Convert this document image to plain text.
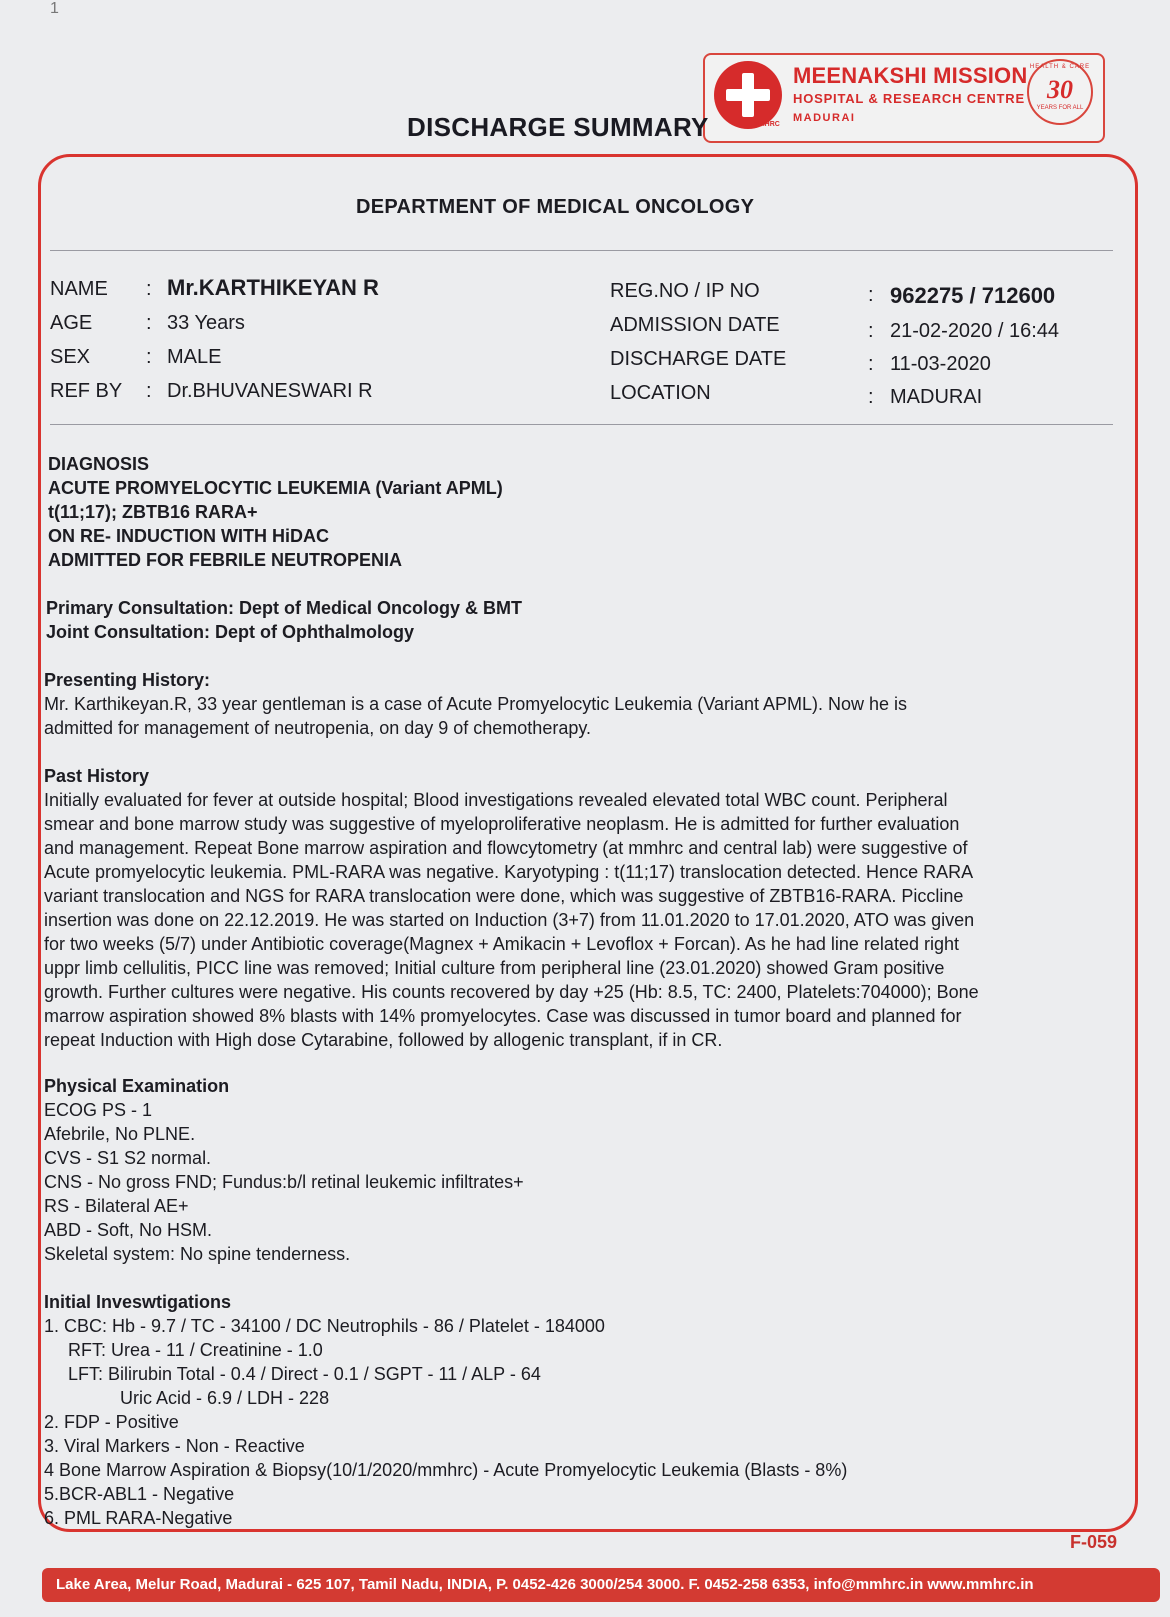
1
MMHRC
MEENAKSHI MISSION
HOSPITAL & RESEARCH CENTRE
MADURAI
HEALTH & CARE
30
YEARS FOR ALL
DISCHARGE SUMMARY
DEPARTMENT OF MEDICAL ONCOLOGY
NAME : Mr.KARTHIKEYAN R
AGE	: 33 Years
SEX	: MALE
REF BY : Dr.BHUVANESWARI R
REG.NO / IP NO	: 962275 / 712600
ADMISSION DATE	: 21-02-2020 / 16:44
DISCHARGE DATE	: 11-03-2020
LOCATION	: MADURAI
DIAGNOSIS
ACUTE PROMYELOCYTIC LEUKEMIA (Variant APML)
t(11;17); ZBTB16 RARA+
ON RE- INDUCTION WITH HiDAC
ADMITTED FOR FEBRILE NEUTROPENIA
Primary Consultation: Dept of Medical Oncology & BMT
Joint Consultation: Dept of Ophthalmology
Presenting History:
Mr. Karthikeyan.R, 33 year gentleman is a case of Acute Promyelocytic Leukemia (Variant APML). Now he is
admitted for management of neutropenia, on day 9 of chemotherapy.
Past History
Initially evaluated for fever at outside hospital; Blood investigations revealed elevated total WBC count. Peripheral
smear and bone marrow study was suggestive of myeloproliferative neoplasm. He is admitted for further evaluation
and management. Repeat Bone marrow aspiration and flowcytometry (at mmhrc and central lab) were suggestive of
Acute promyelocytic leukemia. PML-RARA was negative. Karyotyping : t(11;17) translocation detected. Hence RARA
variant translocation and NGS for RARA translocation were done, which was suggestive of ZBTB16-RARA. Piccline
insertion was done on 22.12.2019. He was started on Induction (3+7) from 11.01.2020 to 17.01.2020, ATO was given
for two weeks (5/7) under Antibiotic coverage(Magnex + Amikacin + Levoflox + Forcan). As he had line related right
uppr limb cellulitis, PICC line was removed; Initial culture from peripheral line (23.01.2020) showed Gram positive
growth. Further cultures were negative. His counts recovered by day +25 (Hb: 8.5, TC: 2400, Platelets:704000); Bone
marrow aspiration showed 8% blasts with 14% promyelocytes. Case was discussed in tumor board and planned for
repeat Induction with High dose Cytarabine, followed by allogenic transplant, if in CR.
Physical Examination
ECOG PS - 1
Afebrile, No PLNE.
CVS - S1 S2 normal.
CNS - No gross FND; Fundus:b/l retinal leukemic infiltrates+
RS - Bilateral AE+
ABD - Soft, No HSM.
Skeletal system: No spine tenderness.
Initial Inveswtigations
1. CBC: Hb - 9.7 / TC - 34100 / DC Neutrophils - 86 / Platelet - 184000
RFT: Urea - 11 / Creatinine - 1.0
LFT: Bilirubin Total - 0.4 / Direct - 0.1 / SGPT - 11 / ALP - 64
Uric Acid - 6.9 / LDH - 228
2. FDP - Positive
3. Viral Markers - Non - Reactive
4 Bone Marrow Aspiration & Biopsy(10/1/2020/mmhrc) - Acute Promyelocytic Leukemia (Blasts - 8%)
5.BCR-ABL1 - Negative
6. PML RARA-Negative
F-059
Lake Area, Melur Road, Madurai - 625 107, Tamil Nadu, INDIA, P. 0452-426 3000/254 3000. F. 0452-258 6353, info@mmhrc.in www.mmhrc.in
